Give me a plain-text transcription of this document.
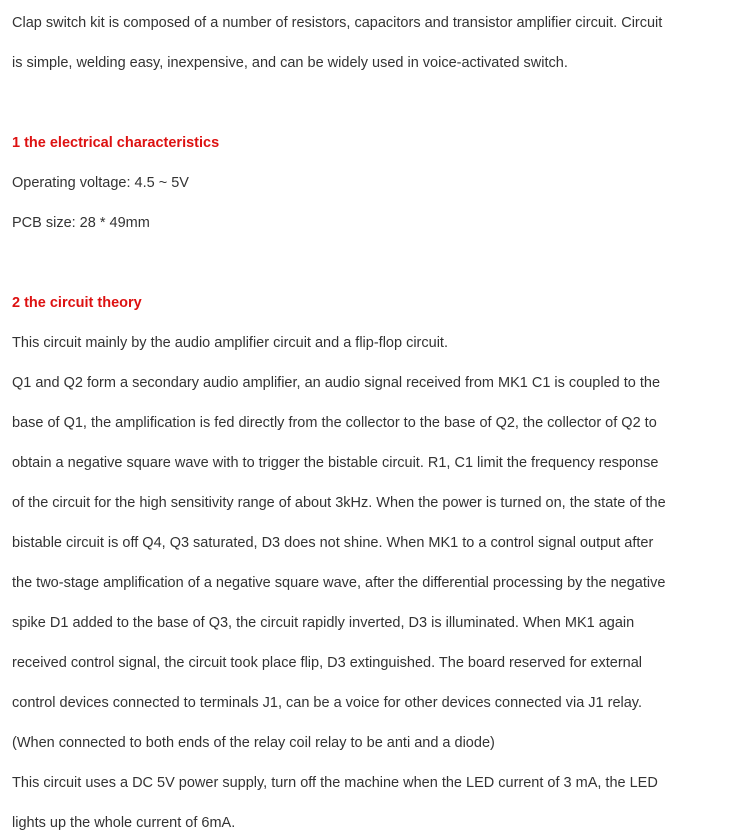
Clap switch kit is composed of a number of resistors, capacitors and transistor amplifier circuit. Circuit
is simple, welding easy, inexpensive, and can be widely used in voice-activated switch.
1 the electrical characteristics
Operating voltage: 4.5 ~ 5V
PCB size: 28 * 49mm
2 the circuit theory
This circuit mainly by the audio amplifier circuit and a flip-flop circuit.
Q1 and Q2 form a secondary audio amplifier, an audio signal received from MK1 C1 is coupled to the
base of Q1, the amplification is fed directly from the collector to the base of Q2, the collector of Q2 to
obtain a negative square wave with to trigger the bistable circuit. R1, C1 limit the frequency response
of the circuit for the high sensitivity range of about 3kHz. When the power is turned on, the state of the
bistable circuit is off Q4, Q3 saturated, D3 does not shine. When MK1 to a control signal output after
the two-stage amplification of a negative square wave, after the differential processing by the negative
spike D1 added to the base of Q3, the circuit rapidly inverted, D3 is illuminated. When MK1 again
received control signal, the circuit took place flip, D3 extinguished. The board reserved for external
control devices connected to terminals J1, can be a voice for other devices connected via J1 relay.
(When connected to both ends of the relay coil relay to be anti and a diode)
This circuit uses a DC 5V power supply, turn off the machine when the LED current of 3 mA, the LED
lights up the whole current of 6mA.
